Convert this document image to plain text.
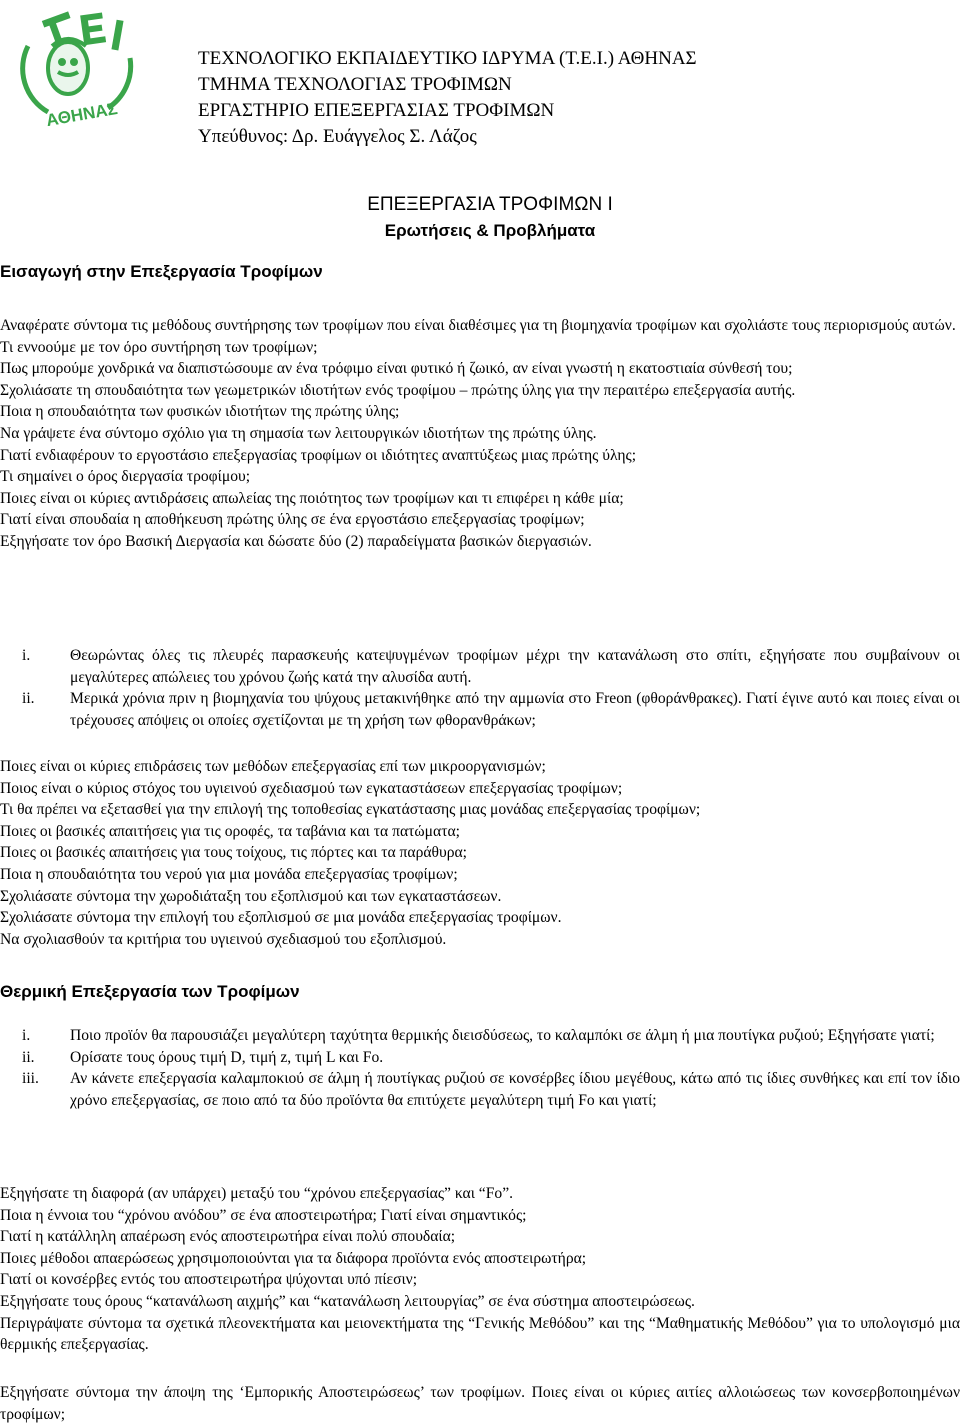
ΑΘΗΝΑΣ
ΤΕΧΝΟΛΟΓΙΚΟ ΕΚΠΑΙΔΕΥΤΙΚΟ ΙΔΡΥΜΑ (Τ.Ε.Ι.) ΑΘΗΝΑΣ
ΤΜΗΜΑ ΤΕΧΝΟΛΟΓΙΑΣ ΤΡΟΦΙΜΩΝ
ΕΡΓΑΣΤΗΡΙΟ ΕΠΕΞΕΡΓΑΣΙΑΣ ΤΡΟΦΙΜΩΝ
Υπεύθυνος: Δρ. Ευάγγελος Σ. Λάζος
ΕΠΕΞΕΡΓΑΣΙΑ ΤΡΟΦΙΜΩΝ Ι
Ερωτήσεις & Προβλήματα
Εισαγωγή στην Επεξεργασία Τροφίμων

Αναφέρατε σύντομα τις μεθόδους συντήρησης των τροφίμων που είναι διαθέσιμες για τη βιομηχανία τροφίμων και σχολιάστε τους περιορισμούς αυτών.

Τι εννοούμε με τον όρο συντήρηση των τροφίμων;

Πως μπορούμε χονδρικά να διαπιστώσουμε αν ένα τρόφιμο είναι φυτικό ή ζωικό, αν είναι γνωστή η εκατοστιαία σύνθεσή του;

Σχολιάσατε τη σπουδαιότητα των γεωμετρικών ιδιοτήτων ενός τροφίμου – πρώτης ύλης για την περαιτέρω επεξεργασία αυτής.

Ποια η σπουδαιότητα των φυσικών ιδιοτήτων της πρώτης ύλης;

Να γράψετε ένα σύντομο σχόλιο για τη σημασία των λειτουργικών ιδιοτήτων της πρώτης ύλης.

Γιατί ενδιαφέρουν το εργοστάσιο επεξεργασίας τροφίμων οι ιδιότητες αναπτύξεως μιας πρώτης ύλης;

Τι σημαίνει ο όρος διεργασία τροφίμου;

Ποιες είναι οι κύριες αντιδράσεις απωλείας της ποιότητος των τροφίμων και τι επιφέρει η κάθε μία;

Γιατί είναι σπουδαία η αποθήκευση πρώτης ύλης σε ένα εργοστάσιο επεξεργασίας τροφίμων;

Εξηγήσατε τον όρο Βασική Διεργασία και δώσατε δύο (2) παραδείγματα βασικών διεργασιών.

i.	Θεωρώντας όλες τις πλευρές παρασκευής κατεψυγμένων τροφίμων μέχρι την κατανάλωση στο σπίτι, εξηγήσατε που συμβαίνουν οι μεγαλύτερες απώλειες του χρόνου ζωής κατά την αλυσίδα αυτή.
ii.	Μερικά χρόνια πριν η βιομηχανία του ψύχους μετακινήθηκε από την αμμωνία στο Freon (φθοράνθρακες). Γιατί έγινε αυτό και ποιες είναι οι τρέχουσες απόψεις οι οποίες σχετίζονται με τη χρήση των φθορανθράκων;

Ποιες είναι οι κύριες επιδράσεις των μεθόδων επεξεργασίας επί των μικροοργανισμών;

Ποιος είναι ο κύριος στόχος του υγιεινού σχεδιασμού των εγκαταστάσεων επεξεργασίας τροφίμων;

Τι θα πρέπει να εξετασθεί για την επιλογή της τοποθεσίας εγκατάστασης μιας μονάδας επεξεργασίας τροφίμων;

Ποιες οι βασικές απαιτήσεις για τις οροφές, τα ταβάνια και τα πατώματα;

Ποιες οι βασικές απαιτήσεις για τους τοίχους, τις πόρτες και τα παράθυρα;

Ποια η σπουδαιότητα του νερού για μια μονάδα επεξεργασίας τροφίμων;

Σχολιάσατε σύντομα την χωροδιάταξη του εξοπλισμού και των εγκαταστάσεων.

Σχολιάσατε σύντομα την επιλογή του εξοπλισμού σε μια μονάδα επεξεργασίας τροφίμων.

Να σχολιασθούν τα κριτήρια του υγιεινού σχεδιασμού του εξοπλισμού.

Θερμική Επεξεργασία των Τροφίμων
i.	Ποιο προϊόν θα παρουσιάζει μεγαλύτερη ταχύτητα θερμικής διεισδύσεως, το καλαμπόκι σε άλμη ή μια πουτίγκα ρυζιού; Εξηγήσατε γιατί;
ii.	Ορίσατε τους όρους τιμή D, τιμή z, τιμή L και Fo.
iii.	Αν κάνετε επεξεργασία καλαμποκιού σε άλμη ή πουτίγκας ρυζιού σε κονσέρβες ίδιου μεγέθους, κάτω από τις ίδιες συνθήκες και επί τον ίδιο χρόνο επεξεργασίας, σε ποιο από τα δύο προϊόντα θα επιτύχετε μεγαλύτερη τιμή Fo και γιατί;

Εξηγήσατε τη διαφορά (αν υπάρχει) μεταξύ του “χρόνου επεξεργασίας” και “Fo”.

Ποια η έννοια του “χρόνου ανόδου” σε ένα αποστειρωτήρα; Γιατί είναι σημαντικός;

Γιατί η κατάλληλη απαέρωση ενός αποστειρωτήρα είναι πολύ σπουδαία;

Ποιες μέθοδοι απαερώσεως χρησιμοποιούνται για τα διάφορα προϊόντα ενός αποστειρωτήρα;

Γιατί οι κονσέρβες εντός του αποστειρωτήρα ψύχονται υπό πίεσιν;

Εξηγήσατε τους όρους “κατανάλωση αιχμής” και “κατανάλωση λειτουργίας” σε ένα σύστημα αποστειρώσεως.

Περιγράψατε σύντομα τα σχετικά πλεονεκτήματα και μειονεκτήματα της “Γενικής Μεθόδου” και της “Μαθηματικής Μεθόδου” για το υπολογισμό μια θερμικής επεξεργασίας.

Εξηγήσατε σύντομα την άποψη της ‘Εμπορικής Αποστειρώσεως’ των τροφίμων. Ποιες είναι οι κύριες αιτίες αλλοιώσεως των κονσερβοποιημένων τροφίμων;
